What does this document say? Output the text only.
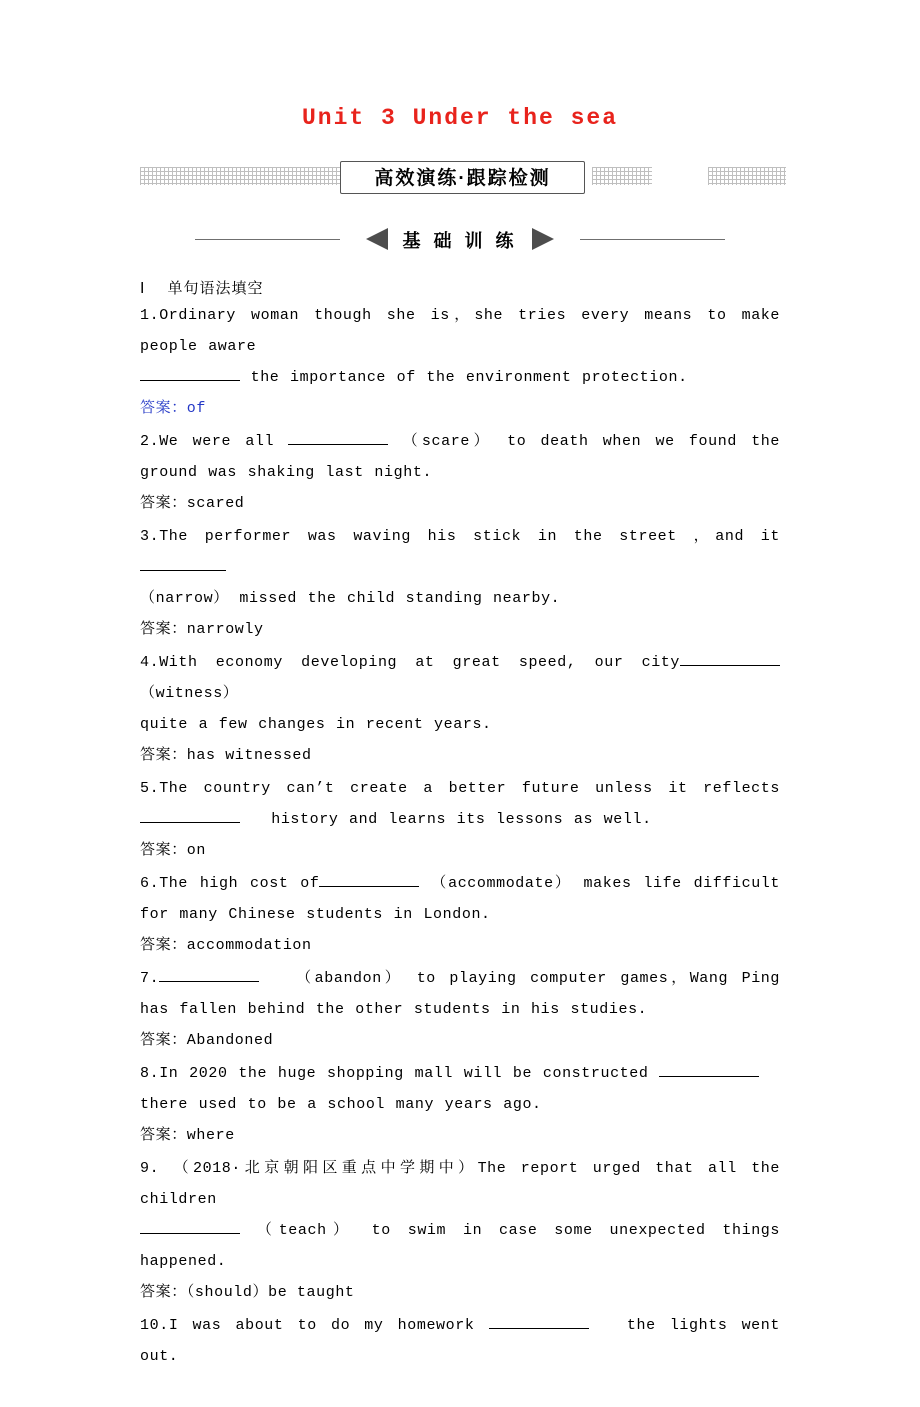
Unit 3 Under the sea
高效演练·跟踪检测
基 础 训 练
Ⅰ 单句语法填空
1.Ordinary woman though she is，she tries every means to make people aware
the importance of the environment protection.
答案：of
2.We were all	（scare） to death when we found the ground was shaking last night.
答案：scared
3.The performer was waving his stick in the street ，and it
（narrow） missed the child standing nearby.
答案：narrowly
4.With economy developing at great speed, our city （witness）
quite a few changes in recent years.
答案：has witnessed
5.The country can’t create a better future unless it reflects   history and learns its lessons as well.
答案：on
6.The high cost of	（accommodate） makes life difficult for many Chinese students in London.
答案：accommodation
7.	（abandon） to playing computer games，Wang Ping has fallen behind the other students in his studies.
答案：Abandoned
8.In 2020 the huge shopping mall will be constructed   there used to be a school many years ago.
答案：where
9. （2018·北京朝阳区重点中学期中）The report urged that all the children
（teach） to swim in case some unexpected things happened.
答案：（should）be taught
10.I was about to do my homework	the lights went out.
